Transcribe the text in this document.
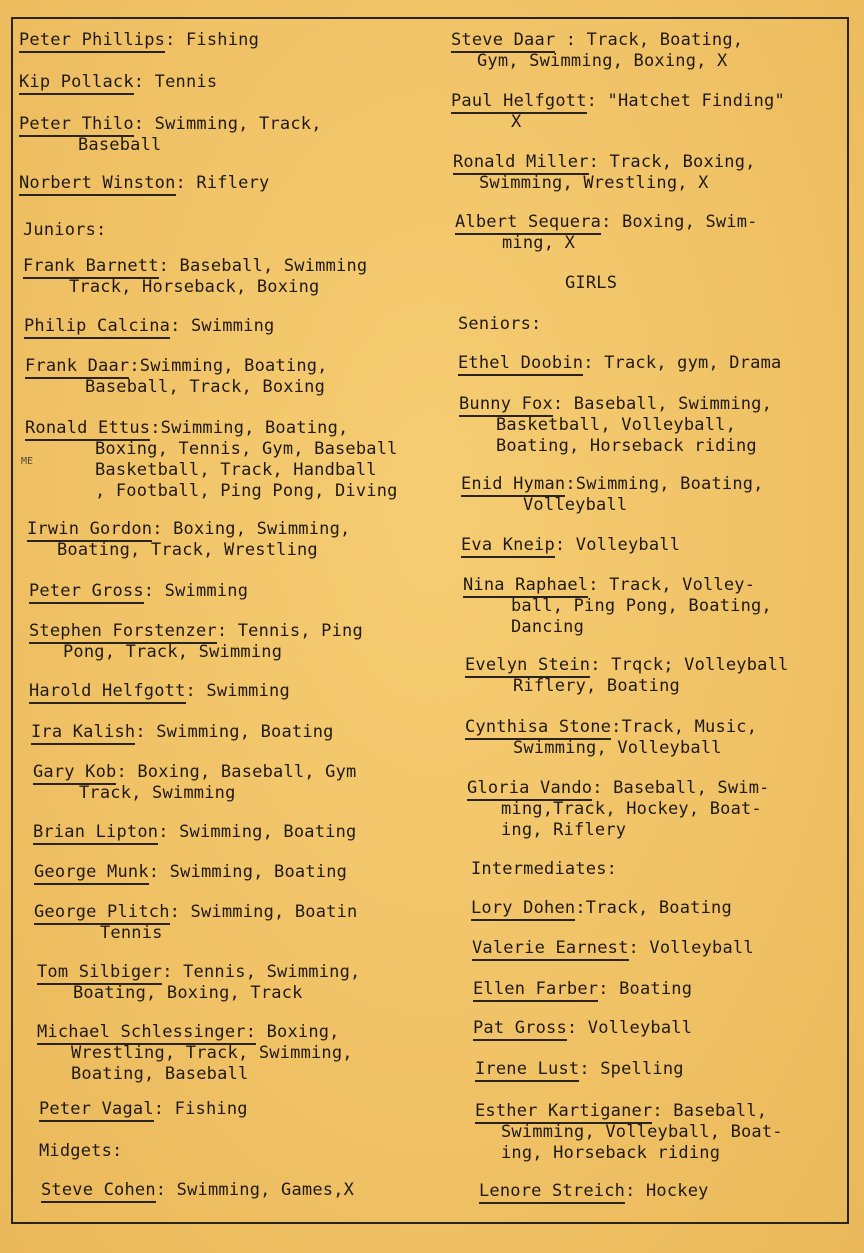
Peter Phillips: Fishing
Kip Pollack: Tennis
Peter Thilo: Swimming, Track,
Baseball
Norbert Winston: Riflery
Juniors:
Frank Barnett: Baseball, Swimming
Track, Horseback, Boxing
Philip Calcina: Swimming
Frank Daar:Swimming, Boating,
Baseball, Track, Boxing
Ronald Ettus:Swimming, Boating,
Boxing, Tennis, Gym, Baseball
Basketball, Track, Handball
, Football, Ping Pong, Diving
Irwin Gordon: Boxing, Swimming,
Boating, Track, Wrestling
Peter Gross: Swimming
Stephen Forstenzer: Tennis, Ping
Pong, Track, Swimming
Harold Helfgott: Swimming
Ira Kalish: Swimming, Boating
Gary Kob: Boxing, Baseball, Gym
Track, Swimming
Brian Lipton: Swimming, Boating
George Munk: Swimming, Boating
George Plitch: Swimming, Boatin
Tennis
Tom Silbiger: Tennis, Swimming,
Boating, Boxing, Track
Michael Schlessinger: Boxing,
Wrestling, Track, Swimming,
Boating, Baseball
Peter Vagal: Fishing
Midgets:
Steve Cohen: Swimming, Games,X
Steve Daar : Track, Boating,
Gym, Swimming, Boxing, X
Paul Helfgott: "Hatchet Finding"
X
Ronald Miller: Track, Boxing,
Swimming, Wrestling, X
Albert Sequera: Boxing, Swim-
ming, X
GIRLS
Seniors:
Ethel Doobin: Track, gym, Drama
Bunny Fox: Baseball, Swimming,
Basketball, Volleyball,
Boating, Horseback riding
Enid Hyman:Swimming, Boating,
Volleyball
Eva Kneip: Volleyball
Nina Raphael: Track, Volley-
ball, Ping Pong, Boating,
Dancing
Evelyn Stein: Trqck; Volleyball
Riflery, Boating
Cynthisa Stone:Track, Music,
Swimming, Volleyball
Gloria Vando: Baseball, Swim-
ming,Track, Hockey, Boat-
ing, Riflery
Intermediates:
Lory Dohen:Track, Boating
Valerie Earnest: Volleyball
Ellen Farber: Boating
Pat Gross: Volleyball
Irene Lust: Spelling
Esther Kartiganer: Baseball,
Swimming, Volleyball, Boat-
ing, Horseback riding
Lenore Streich: Hockey
ME
